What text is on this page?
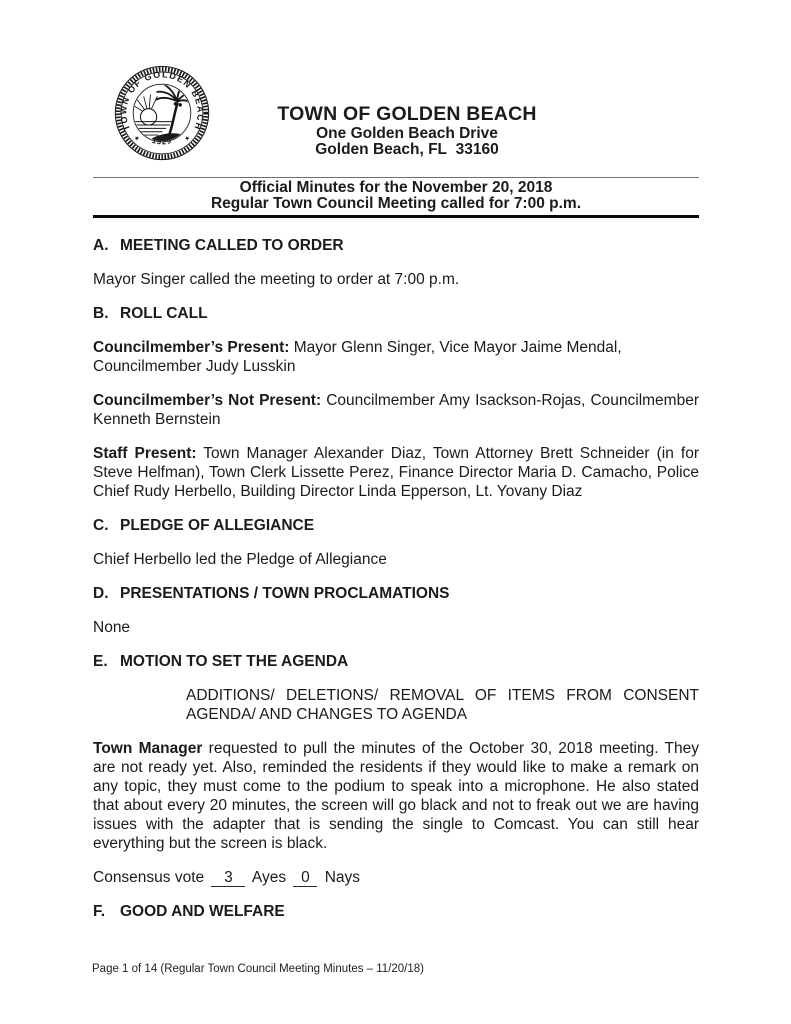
TOWN OF GOLDEN BEACH
★	★
1929
TOWN OF GOLDEN BEACH
One Golden Beach Drive
Golden Beach, FL  33160
Official Minutes for the November 20, 2018
Regular Town Council Meeting called for 7:00 p.m.
A. MEETING CALLED TO ORDER

Mayor Singer called the meeting to order at 7:00 p.m.

B. ROLL CALL

Councilmember’s Present: Mayor Glenn Singer, Vice Mayor Jaime Mendal,
Councilmember Judy Lusskin

Councilmember’s Not Present: Councilmember Amy Isackson-Rojas, Councilmember Kenneth Bernstein

Staff Present: Town Manager Alexander Diaz, Town Attorney Brett Schneider (in for Steve Helfman), Town Clerk Lissette Perez, Finance Director Maria D. Camacho, Police Chief Rudy Herbello, Building Director Linda Epperson, Lt. Yovany Diaz

C. PLEDGE OF ALLEGIANCE

Chief Herbello led the Pledge of Allegiance

D. PRESENTATIONS / TOWN PROCLAMATIONS

None

E. MOTION TO SET THE AGENDA

ADDITIONS/ DELETIONS/ REMOVAL OF ITEMS FROM CONSENT AGENDA/ AND CHANGES TO AGENDA

Town Manager requested to pull the minutes of the October 30, 2018 meeting. They are not ready yet. Also, reminded the residents if they would like to make a remark on any topic, they must come to the podium to speak into a microphone. He also stated that about every 20 minutes, the screen will go black and not to freak out we are having issues with the adapter that is sending the single to Comcast. You can still hear everything but the screen is black.

Consensus vote 3 Ayes 0 Nays

F. GOOD AND WELFARE
Page 1 of 14 (Regular Town Council Meeting Minutes – 11/20/18)
